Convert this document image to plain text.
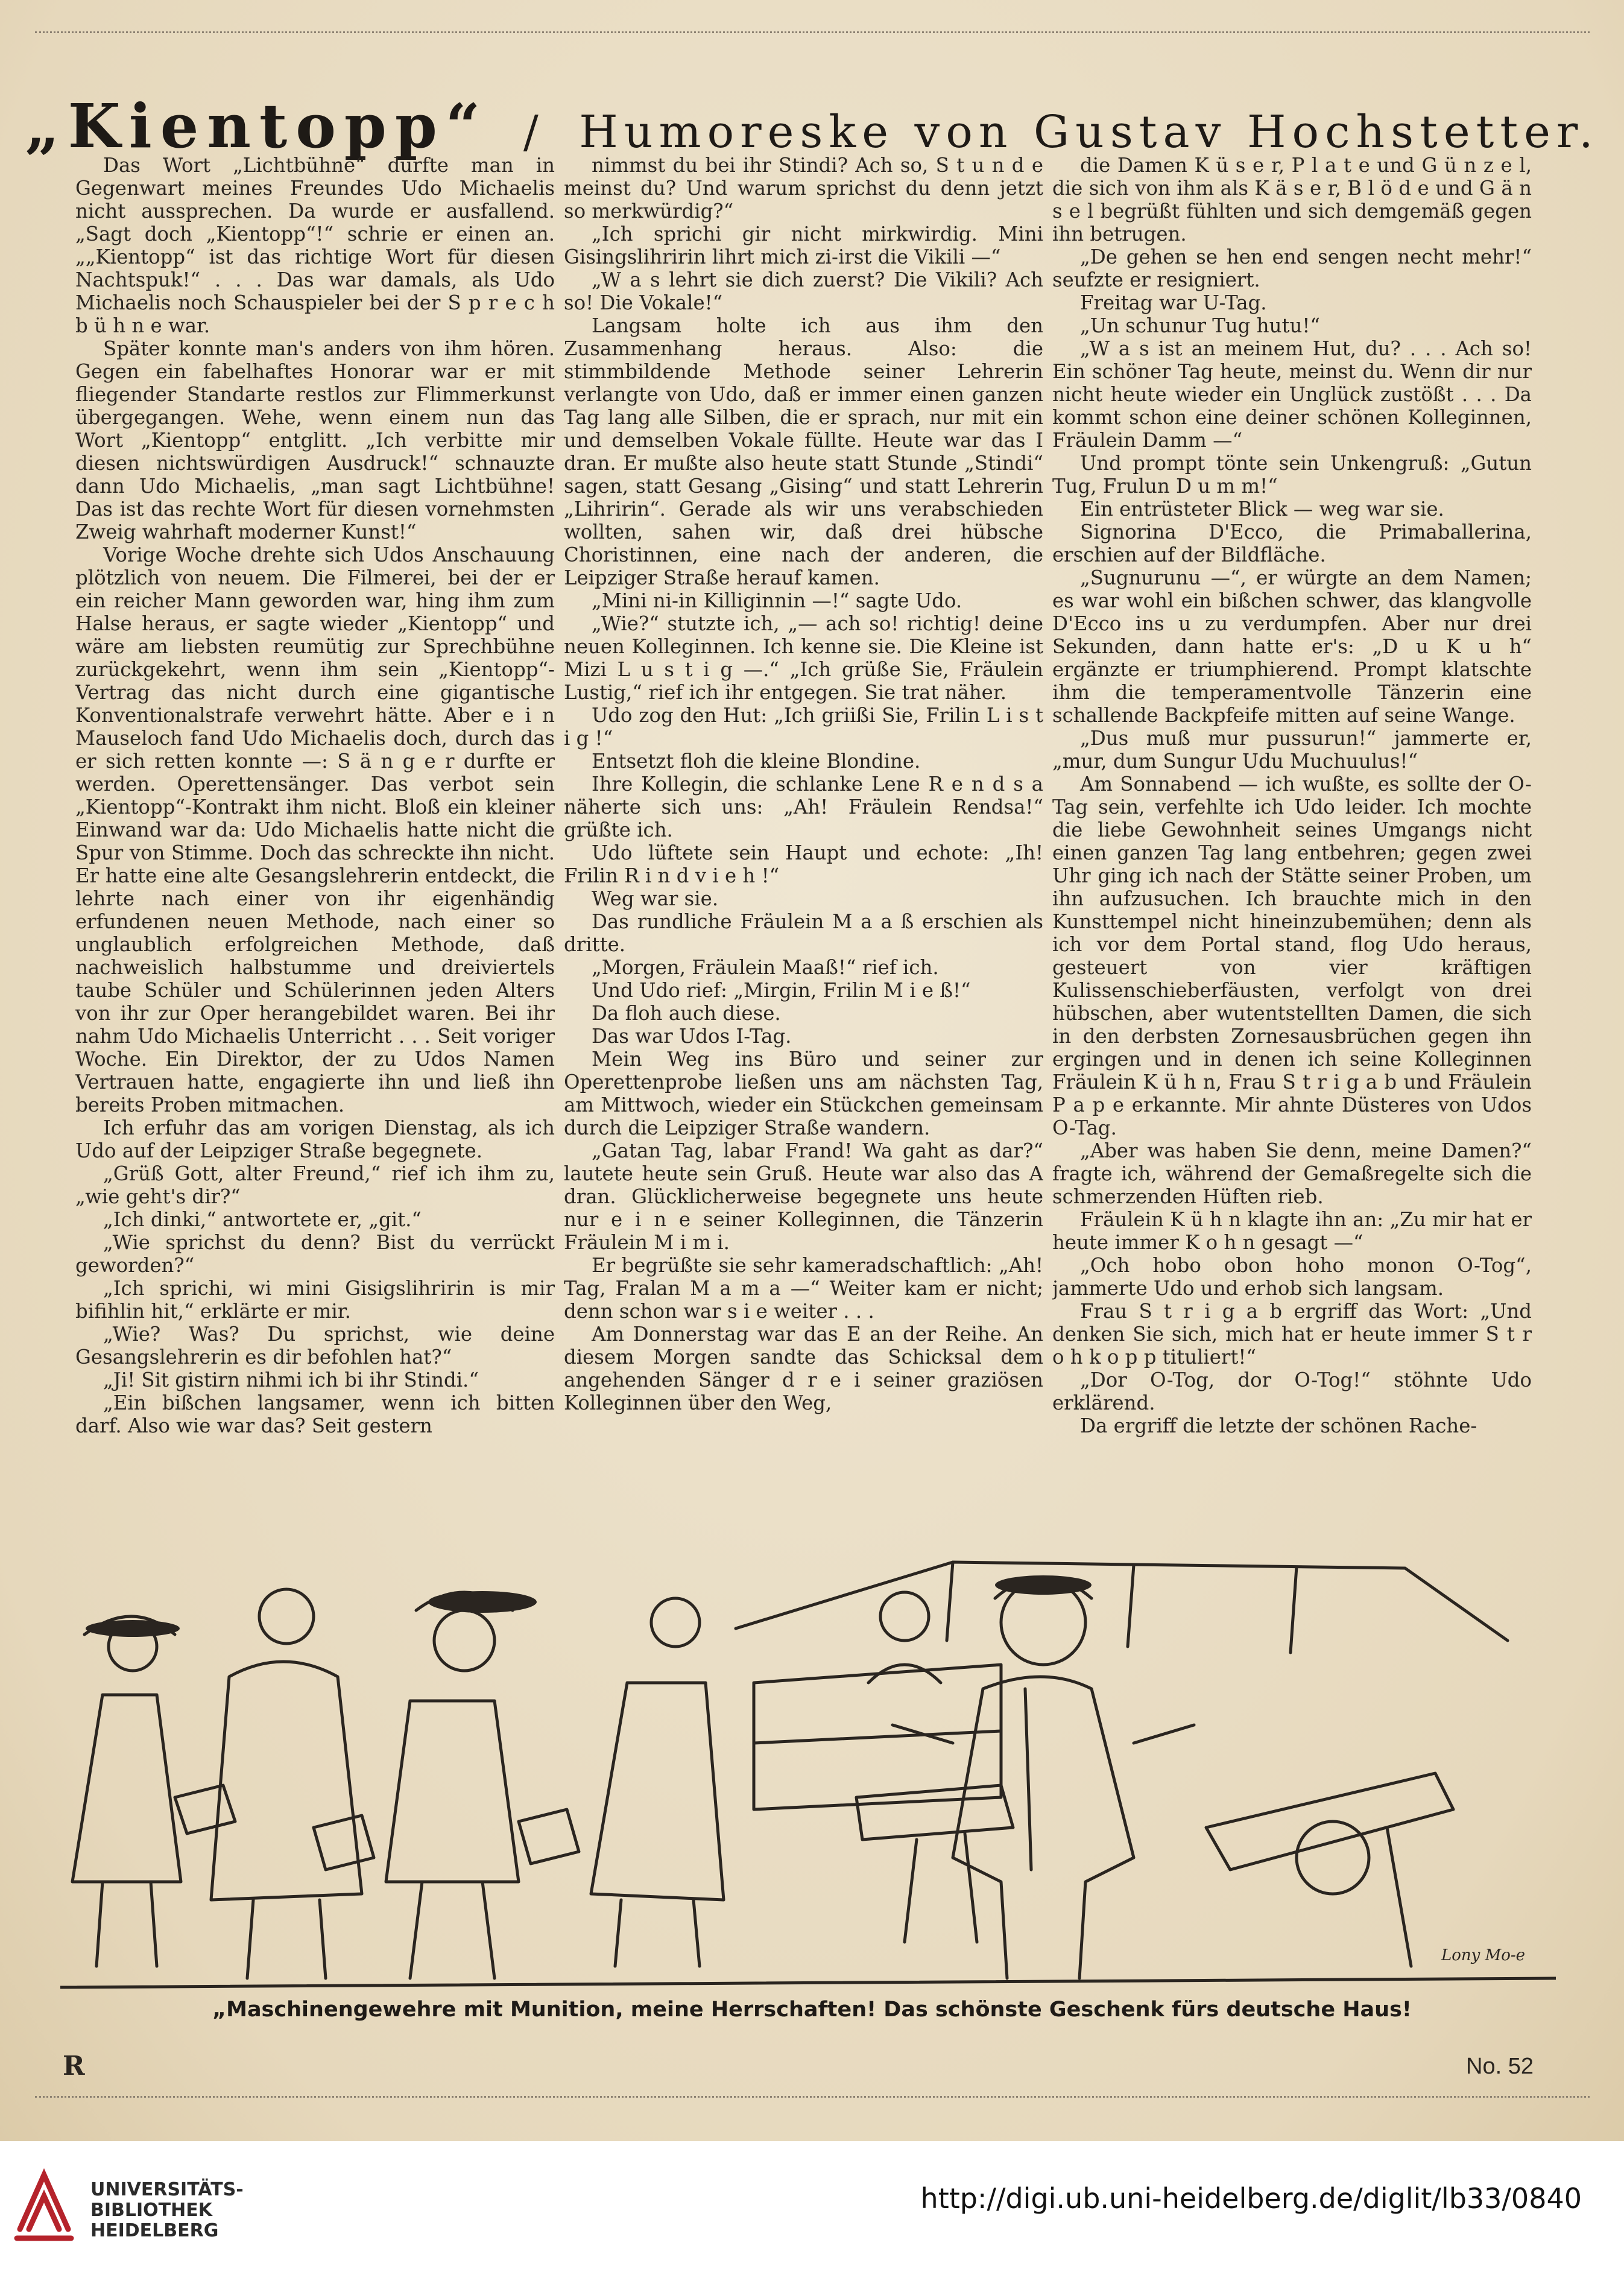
„Kientopp“ / Humoreske von Gustav Hochstetter.

Das Wort „Lichtbühne“ durfte man in Gegenwart meines Freundes Udo Michaelis nicht aussprechen. Da wurde er ausfallend. „Sagt doch „Kientopp“!“ schrie er einen an. „„Kientopp“ ist das richtige Wort für diesen Nachtspuk!“ . . . Das war damals, als Udo Michaelis noch Schauspieler bei der S p r e c h b ü h n e war.

Später konnte man's anders von ihm hören. Gegen ein fabelhaftes Honorar war er mit fliegender Standarte restlos zur Flimmerkunst übergegangen. Wehe, wenn einem nun das Wort „Kientopp“ entglitt. „Ich verbitte mir diesen nichtswürdigen Ausdruck!“ schnauzte dann Udo Michaelis, „man sagt Lichtbühne! Das ist das rechte Wort für diesen vornehmsten Zweig wahrhaft moderner Kunst!“

Vorige Woche drehte sich Udos Anschauung plötzlich von neuem. Die Filmerei, bei der er ein reicher Mann geworden war, hing ihm zum Halse heraus, er sagte wieder „Kientopp“ und wäre am liebsten reumütig zur Sprechbühne zurückgekehrt, wenn ihm sein „Kientopp“-Vertrag das nicht durch eine gigantische Konventionalstrafe verwehrt hätte. Aber e i n Mauseloch fand Udo Michaelis doch, durch das er sich retten konnte —: S ä n g e r durfte er werden. Operettensänger. Das verbot sein „Kientopp“-Kontrakt ihm nicht. Bloß ein kleiner Einwand war da: Udo Michaelis hatte nicht die Spur von Stimme. Doch das schreckte ihn nicht. Er hatte eine alte Gesangslehrerin entdeckt, die lehrte nach einer von ihr eigenhändig erfundenen neuen Methode, nach einer so unglaublich erfolgreichen Methode, daß nachweislich halbstumme und dreiviertels taube Schüler und Schülerinnen jeden Alters von ihr zur Oper herangebildet waren. Bei ihr nahm Udo Michaelis Unterricht . . . Seit voriger Woche. Ein Direktor, der zu Udos Namen Vertrauen hatte, engagierte ihn und ließ ihn bereits Proben mitmachen.

Ich erfuhr das am vorigen Dienstag, als ich Udo auf der Leipziger Straße begegnete.

„Grüß Gott, alter Freund,“ rief ich ihm zu, „wie geht's dir?“

„Ich dinki,“ antwortete er, „git.“

„Wie sprichst du denn? Bist du verrückt geworden?“

„Ich sprichi, wi mini Gisigslihririn is mir bifihlin hit,“ erklärte er mir.

„Wie? Was? Du sprichst, wie deine Gesangslehrerin es dir befohlen hat?“

„Ji! Sit gistirn nihmi ich bi ihr Stindi.“

„Ein bißchen langsamer, wenn ich bitten darf. Also wie war das? Seit gestern

nimmst du bei ihr Stindi? Ach so, S t u n d e meinst du? Und warum sprichst du denn jetzt so merkwürdig?“

„Ich sprichi gir nicht mirkwirdig. Mini Gisingslihririn lihrt mich zi-irst die Vikili —“

„W a s lehrt sie dich zuerst? Die Vikili? Ach so! Die Vokale!“

Langsam holte ich aus ihm den Zusammenhang heraus. Also: die stimmbildende Methode seiner Lehrerin verlangte von Udo, daß er immer einen ganzen Tag lang alle Silben, die er sprach, nur mit ein und demselben Vokale füllte. Heute war das I dran. Er mußte also heute statt Stunde „Stindi“ sagen, statt Gesang „Gising“ und statt Lehrerin „Lihririn“. Gerade als wir uns verabschieden wollten, sahen wir, daß drei hübsche Choristinnen, eine nach der anderen, die Leipziger Straße herauf kamen.

„Mini ni-in Killiginnin —!“ sagte Udo.

„Wie?“ stutzte ich, „— ach so! richtig! deine neuen Kolleginnen. Ich kenne sie. Die Kleine ist Mizi L u s t i g —.“ „Ich grüße Sie, Fräulein Lustig,“ rief ich ihr entgegen. Sie trat näher.

Udo zog den Hut: „Ich griißi Sie, Frilin L i s t i g !“

Entsetzt floh die kleine Blondine.

Ihre Kollegin, die schlanke Lene R e n d s a näherte sich uns: „Ah! Fräulein Rendsa!“ grüßte ich.

Udo lüftete sein Haupt und echote: „Ih! Frilin R i n d v i e h !“

Weg war sie.

Das rundliche Fräulein M a a ß erschien als dritte.

„Morgen, Fräulein Maaß!“ rief ich.

Und Udo rief: „Mirgin, Frilin M i e ß!“

Da floh auch diese.

Das war Udos I-Tag.

Mein Weg ins Büro und seiner zur Operettenprobe ließen uns am nächsten Tag, am Mittwoch, wieder ein Stückchen gemeinsam durch die Leipziger Straße wandern.

„Gatan Tag, labar Frand! Wa gaht as dar?“ lautete heute sein Gruß. Heute war also das A dran. Glücklicherweise begegnete uns heute nur e i n e seiner Kolleginnen, die Tänzerin Fräulein M i m i.

Er begrüßte sie sehr kameradschaftlich: „Ah! Tag, Fralan M a m a —“ Weiter kam er nicht; denn schon war s i e weiter . . .

Am Donnerstag war das E an der Reihe. An diesem Morgen sandte das Schicksal dem angehenden Sänger d r e i seiner graziösen Kolleginnen über den Weg,

die Damen K ü s e r, P l a t e und G ü n z e l, die sich von ihm als K ä s e r, B l ö d e und G ä n s e l begrüßt fühlten und sich demgemäß gegen ihn betrugen.

„De gehen se hen end sengen necht mehr!“ seufzte er resigniert.

Freitag war U-Tag.

„Un schunur Tug hutu!“

„W a s ist an meinem Hut, du? . . . Ach so! Ein schöner Tag heute, meinst du. Wenn dir nur nicht heute wieder ein Unglück zustößt . . . Da kommt schon eine deiner schönen Kolleginnen, Fräulein Damm —“

Und prompt tönte sein Unkengruß: „Gutun Tug, Frulun D u m m!“

Ein entrüsteter Blick — weg war sie.

Signorina D'Ecco, die Primaballerina, erschien auf der Bildfläche.

„Sugnurunu —“, er würgte an dem Namen; es war wohl ein bißchen schwer, das klangvolle D'Ecco ins u zu verdumpfen. Aber nur drei Sekunden, dann hatte er's: „D u K u h“ ergänzte er triumphierend. Prompt klatschte ihm die temperamentvolle Tänzerin eine schallende Backpfeife mitten auf seine Wange.

„Dus muß mur pussurun!“ jammerte er, „mur, dum Sungur Udu Muchuulus!“

Am Sonnabend — ich wußte, es sollte der O-Tag sein, verfehlte ich Udo leider. Ich mochte die liebe Gewohnheit seines Umgangs nicht einen ganzen Tag lang entbehren; gegen zwei Uhr ging ich nach der Stätte seiner Proben, um ihn aufzusuchen. Ich brauchte mich in den Kunsttempel nicht hineinzubemühen; denn als ich vor dem Portal stand, flog Udo heraus, gesteuert von vier kräftigen Kulissenschieberfäusten, verfolgt von drei hübschen, aber wutentstellten Damen, die sich in den derbsten Zornesausbrüchen gegen ihn ergingen und in denen ich seine Kolleginnen Fräulein K ü h n, Frau S t r i g a b und Fräulein P a p e erkannte. Mir ahnte Düsteres von Udos O-Tag.

„Aber was haben Sie denn, meine Damen?“ fragte ich, während der Gemaßregelte sich die schmerzenden Hüften rieb.

Fräulein K ü h n klagte ihn an: „Zu mir hat er heute immer K o h n gesagt —“

„Och hobo obon hoho monon O-Tog“, jammerte Udo und erhob sich langsam.

Frau S t r i g a b ergriff das Wort: „Und denken Sie sich, mich hat er heute immer S t r o h k o p p tituliert!“

„Dor O-Tog, dor O-Tog!“ stöhnte Udo erklärend.

Da ergriff die letzte der schönen Rache-

Lony Mo-e
„Maschinengewehre mit Munition, meine Herrschaften! Das schönste Geschenk fürs deutsche Haus!
R	No. 52
UNIVERSITÄTS-
BIBLIOTHEK
HEIDELBERG
http://digi.ub.uni-heidelberg.de/diglit/lb33/0840
